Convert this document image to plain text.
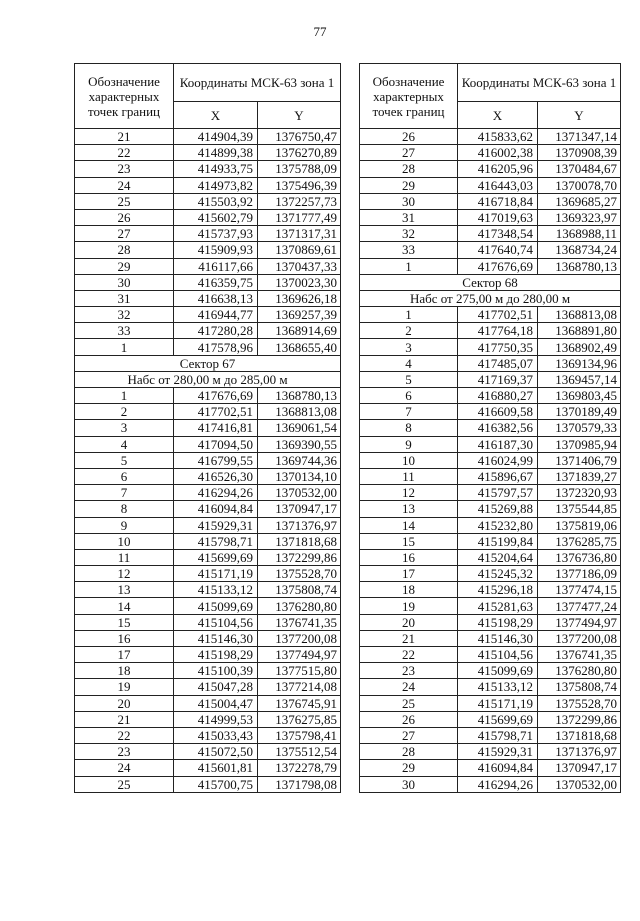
77
Обозначение характерных точек границ	Координаты МСК-63 зона 1	
	X	Y
21	414904,39	1376750,47
22	414899,38	1376270,89
23	414933,75	1375788,09
24	414973,82	1375496,39
25	415503,92	1372257,73
26	415602,79	1371777,49
27	415737,93	1371317,31
28	415909,93	1370869,61
29	416117,66	1370437,33
30	416359,75	1370023,30
31	416638,13	1369626,18
32	416944,77	1369257,39
33	417280,28	1368914,69
1	417578,96	1368655,40
Сектор 67		
Набс от 280,00 м до 285,00 м		
1	417676,69	1368780,13
2	417702,51	1368813,08
3	417416,81	1369061,54
4	417094,50	1369390,55
5	416799,55	1369744,36
6	416526,30	1370134,10
7	416294,26	1370532,00
8	416094,84	1370947,17
9	415929,31	1371376,97
10	415798,71	1371818,68
11	415699,69	1372299,86
12	415171,19	1375528,70
13	415133,12	1375808,74
14	415099,69	1376280,80
15	415104,56	1376741,35
16	415146,30	1377200,08
17	415198,29	1377494,97
18	415100,39	1377515,80
19	415047,28	1377214,08
20	415004,47	1376745,91
21	414999,53	1376275,85
22	415033,43	1375798,41
23	415072,50	1375512,54
24	415601,81	1372278,79
25	415700,75	1371798,08
Обозначение характерных точек границ	Координаты МСК-63 зона 1	
	X	Y
26	415833,62	1371347,14
27	416002,38	1370908,39
28	416205,96	1370484,67
29	416443,03	1370078,70
30	416718,84	1369685,27
31	417019,63	1369323,97
32	417348,54	1368988,11
33	417640,74	1368734,24
1	417676,69	1368780,13
Сектор 68		
Набс от 275,00 м до 280,00 м		
1	417702,51	1368813,08
2	417764,18	1368891,80
3	417750,35	1368902,49
4	417485,07	1369134,96
5	417169,37	1369457,14
6	416880,27	1369803,45
7	416609,58	1370189,49
8	416382,56	1370579,33
9	416187,30	1370985,94
10	416024,99	1371406,79
11	415896,67	1371839,27
12	415797,57	1372320,93
13	415269,88	1375544,85
14	415232,80	1375819,06
15	415199,84	1376285,75
16	415204,64	1376736,80
17	415245,32	1377186,09
18	415296,18	1377474,15
19	415281,63	1377477,24
20	415198,29	1377494,97
21	415146,30	1377200,08
22	415104,56	1376741,35
23	415099,69	1376280,80
24	415133,12	1375808,74
25	415171,19	1375528,70
26	415699,69	1372299,86
27	415798,71	1371818,68
28	415929,31	1371376,97
29	416094,84	1370947,17
30	416294,26	1370532,00
